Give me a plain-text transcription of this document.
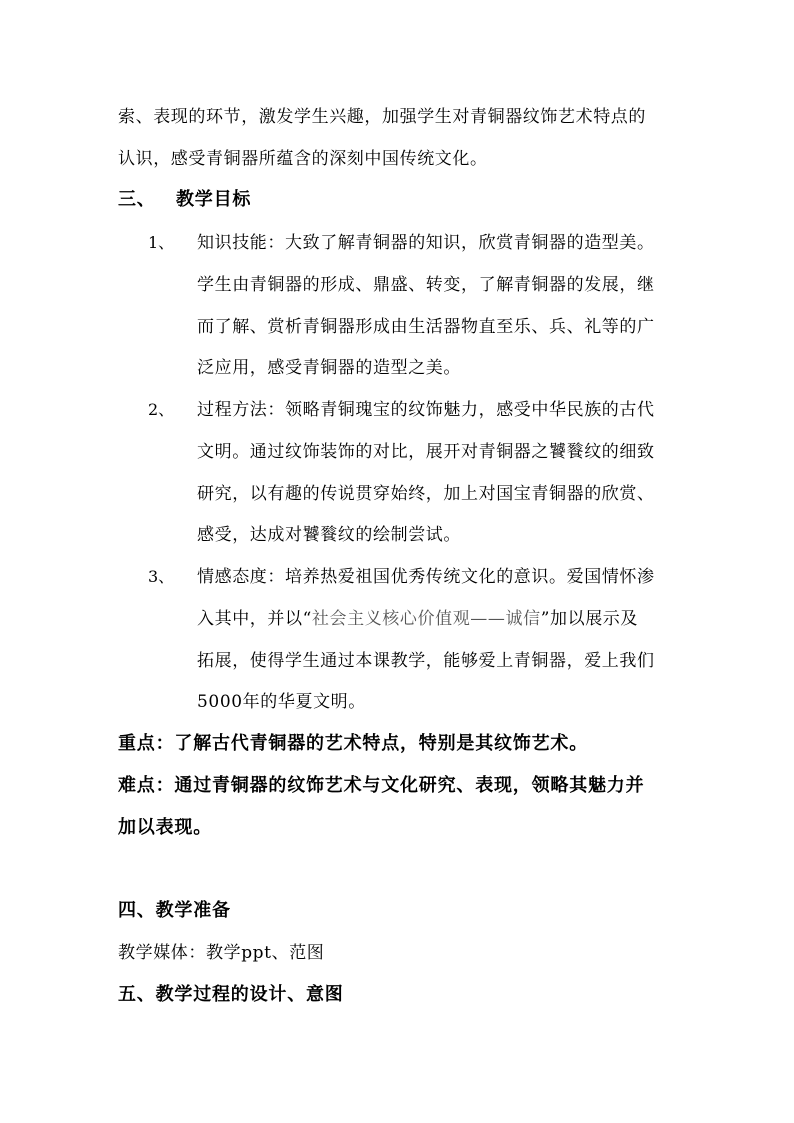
索、表现的环节，激发学生兴趣，加强学生对青铜器纹饰艺术特点的
认识，感受青铜器所蕴含的深刻中国传统文化。
三、 教学目标
1、 知识技能：大致了解青铜器的知识，欣赏青铜器的造型美。
学生由青铜器的形成、鼎盛、转变，了解青铜器的发展，继
而了解、赏析青铜器形成由生活器物直至乐、兵、礼等的广
泛应用，感受青铜器的造型之美。
2、 过程方法：领略青铜瑰宝的纹饰魅力，感受中华民族的古代
文明。通过纹饰装饰的对比，展开对青铜器之饕餮纹的细致
研究，以有趣的传说贯穿始终，加上对国宝青铜器的欣赏、
感受，达成对饕餮纹的绘制尝试。
3、 情感态度：培养热爱祖国优秀传统文化的意识。爱国情怀渗
入其中，并以“社会主义核心价值观——诚信”加以展示及
拓展，使得学生通过本课教学，能够爱上青铜器，爱上我们
5000年的华夏文明。
重点：了解古代青铜器的艺术特点，特别是其纹饰艺术。
难点：通过青铜器的纹饰艺术与文化研究、表现，领略其魅力并
加以表现。
四、教学准备
教学媒体：教学ppt、范图
五、教学过程的设计、意图
